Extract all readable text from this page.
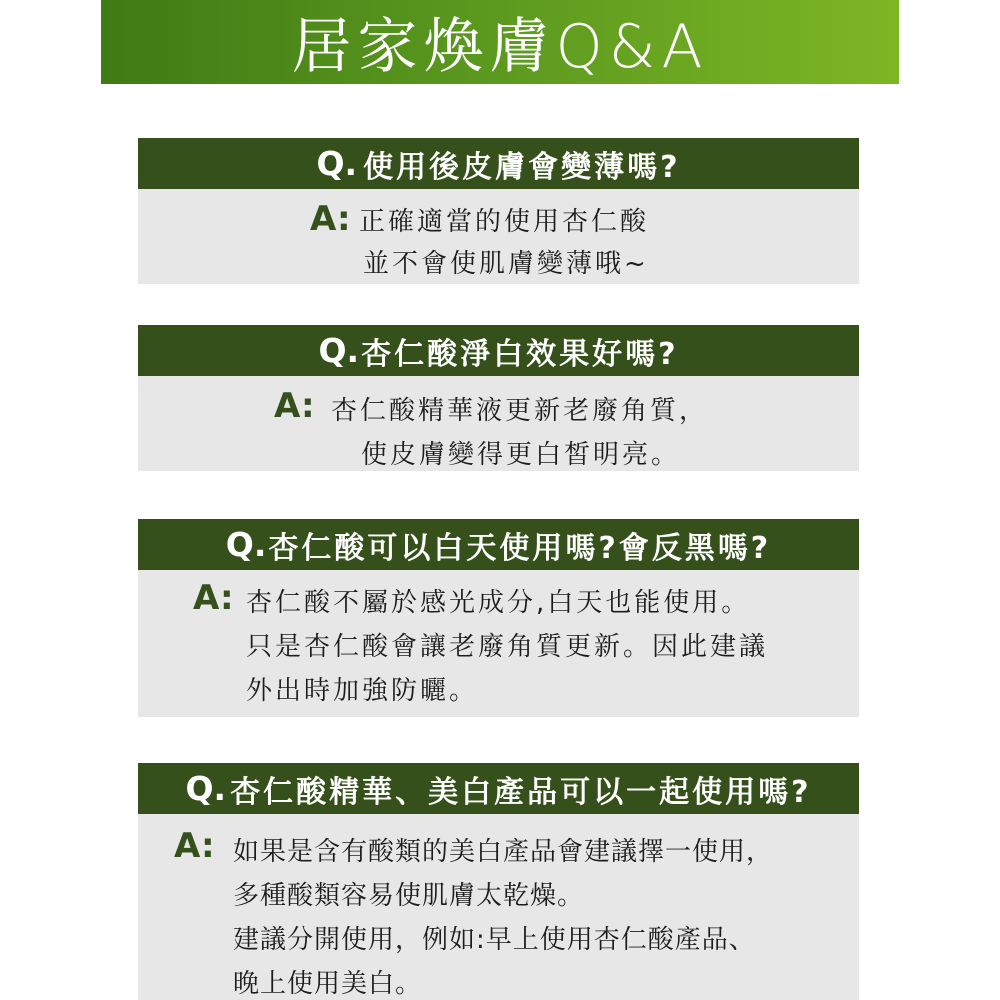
居家煥膚Q&A
Q. 使用後皮膚會變薄嗎?
A: 正確適當的使用杏仁酸
並不會使肌膚變薄哦~
Q. 杏仁酸淨白效果好嗎?
A: 杏仁酸精華液更新老廢角質，
使皮膚變得更白皙明亮。
Q. 杏仁酸可以白天使用嗎?會反黑嗎?
A: 杏仁酸不屬於感光成分,白天也能使用。
只是杏仁酸會讓老廢角質更新。因此建議
外出時加強防曬。
Q. 杏仁酸精華、美白產品可以一起使用嗎?
A: 如果是含有酸類的美白產品會建議擇一使用，
多種酸類容易使肌膚太乾燥。
建議分開使用，例如:早上使用杏仁酸產品、
晚上使用美白。
